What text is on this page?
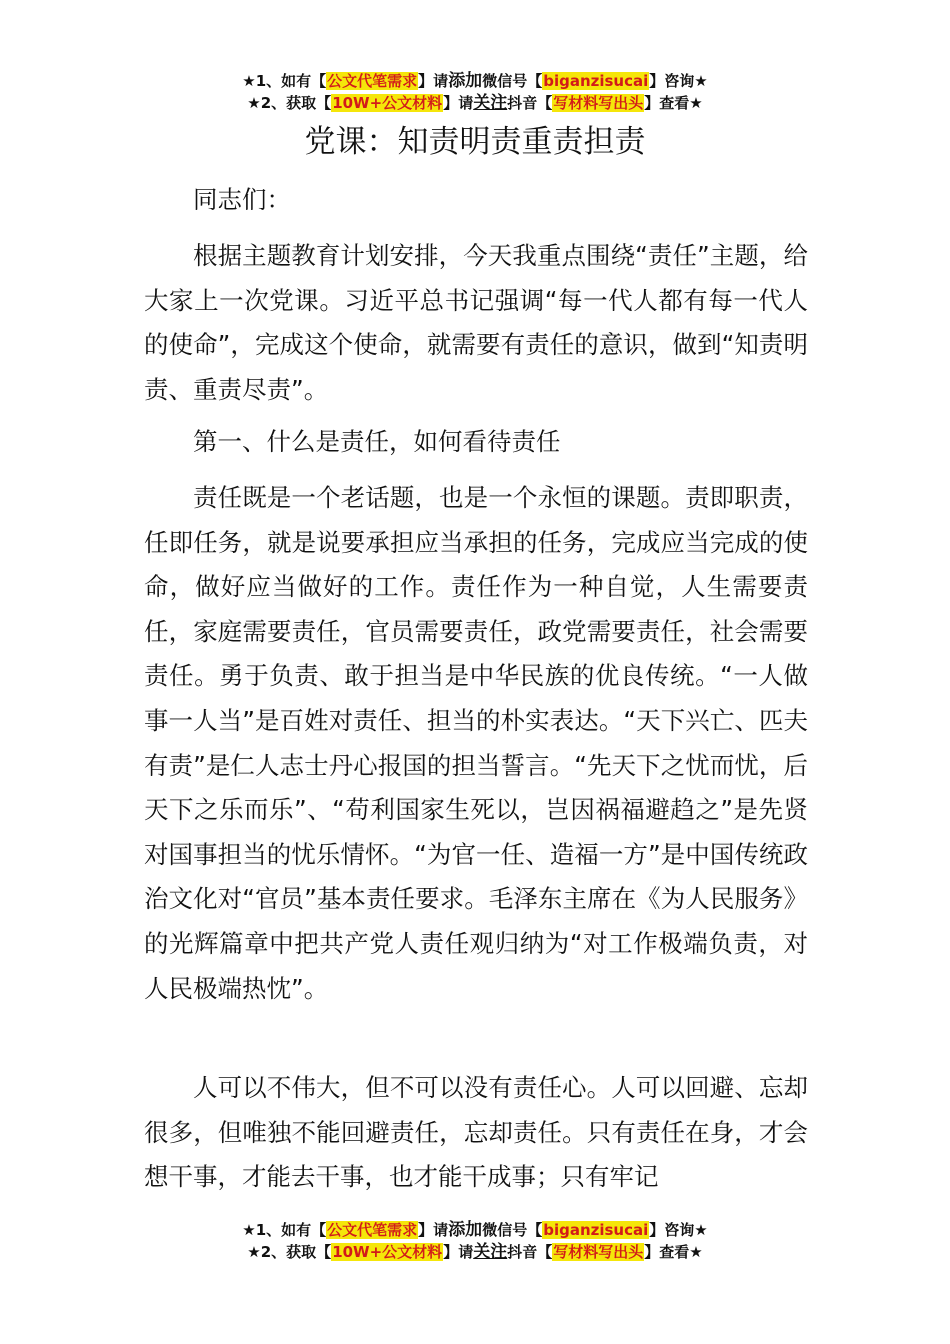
★1、如有【公文代笔需求】请添加微信号【biganzisucai】咨询★
★2、获取【10W+公文材料】请关注抖音【写材料写出头】查看★
党课：知责明责重责担责

同志们：

根据主题教育计划安排，今天我重点围绕“责任”主题，给大家上一次党课。习近平总书记强调“每一代人都有每一代人的使命”，完成这个使命，就需要有责任的意识，做到“知责明责、重责尽责”。

第一、什么是责任，如何看待责任

责任既是一个老话题，也是一个永恒的课题。责即职责，任即任务，就是说要承担应当承担的任务，完成应当完成的使命，做好应当做好的工作。责任作为一种自觉，人生需要责任，家庭需要责任，官员需要责任，政党需要责任，社会需要责任。勇于负责、敢于担当是中华民族的优良传统。“一人做事一人当”是百姓对责任、担当的朴实表达。“天下兴亡、匹夫有责”是仁人志士丹心报国的担当誓言。“先天下之忧而忧，后天下之乐而乐”、“苟利国家生死以，岂因祸福避趋之”是先贤对国事担当的忧乐情怀。“为官一任、造福一方”是中国传统政治文化对“官员”基本责任要求。毛泽东主席在《为人民服务》的光辉篇章中把共产党人责任观归纳为“对工作极端负责，对人民极端热忱”。

人可以不伟大，但不可以没有责任心。人可以回避、忘却很多，但唯独不能回避责任，忘却责任。只有责任在身，才会想干事，才能去干事，也才能干成事；只有牢记

★1、如有【公文代笔需求】请添加微信号【biganzisucai】咨询★
★2、获取【10W+公文材料】请关注抖音【写材料写出头】查看★
